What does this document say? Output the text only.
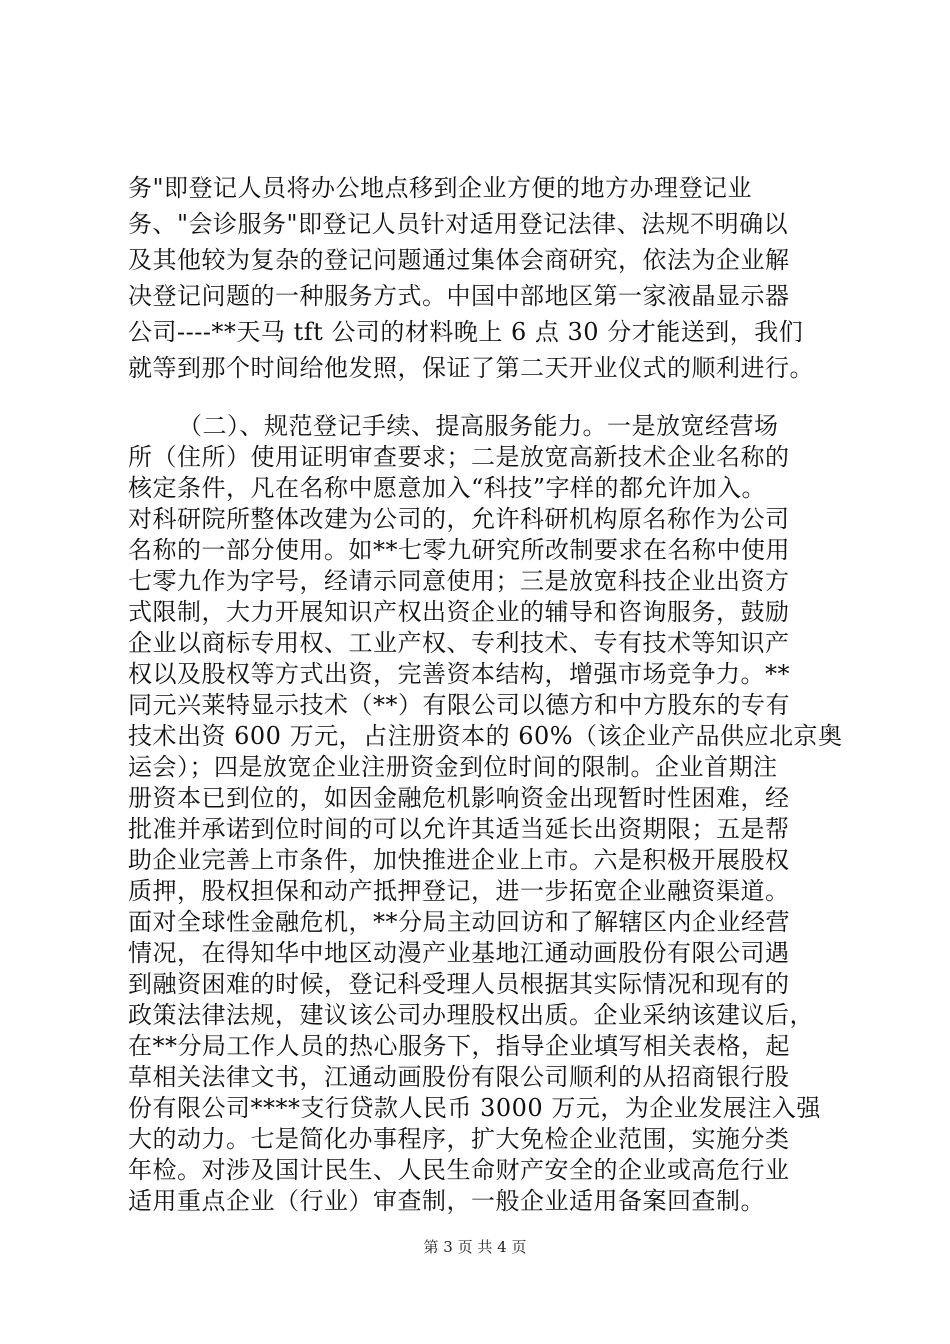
务"即登记人员将办公地点移到企业方便的地方办理登记业
务、"会诊服务"即登记人员针对适用登记法律、法规不明确以
及其他较为复杂的登记问题通过集体会商研究，依法为企业解
决登记问题的一种服务方式。中国中部地区第一家液晶显示器
公司----**天马 tft 公司的材料晚上 6 点 30 分才能送到，我们
就等到那个时间给他发照，保证了第二天开业仪式的顺利进行。
（二）、规范登记手续、提高服务能力。一是放宽经营场
所（住所）使用证明审查要求；二是放宽高新技术企业名称的
核定条件，凡在名称中愿意加入“科技”字样的都允许加入。
对科研院所整体改建为公司的，允许科研机构原名称作为公司
名称的一部分使用。如**七零九研究所改制要求在名称中使用
七零九作为字号，经请示同意使用；三是放宽科技企业出资方
式限制，大力开展知识产权出资企业的辅导和咨询服务，鼓励
企业以商标专用权、工业产权、专利技术、专有技术等知识产
权以及股权等方式出资，完善资本结构，增强市场竞争力。**
同元兴莱特显示技术（**）有限公司以德方和中方股东的专有
技术出资 600 万元，占注册资本的 60%（该企业产品供应北京奥
运会）；四是放宽企业注册资金到位时间的限制。企业首期注
册资本已到位的，如因金融危机影响资金出现暂时性困难，经
批准并承诺到位时间的可以允许其适当延长出资期限；五是帮
助企业完善上市条件，加快推进企业上市。六是积极开展股权
质押，股权担保和动产抵押登记，进一步拓宽企业融资渠道。
面对全球性金融危机，**分局主动回访和了解辖区内企业经营
情况，在得知华中地区动漫产业基地江通动画股份有限公司遇
到融资困难的时候，登记科受理人员根据其实际情况和现有的
政策法律法规，建议该公司办理股权出质。企业采纳该建议后，
在**分局工作人员的热心服务下，指导企业填写相关表格，起
草相关法律文书，江通动画股份有限公司顺利的从招商银行股
份有限公司****支行贷款人民币 3000 万元，为企业发展注入强
大的动力。七是简化办事程序，扩大免检企业范围，实施分类
年检。对涉及国计民生、人民生命财产安全的企业或高危行业
适用重点企业（行业）审查制，一般企业适用备案回查制。
第 3 页 共 4 页
